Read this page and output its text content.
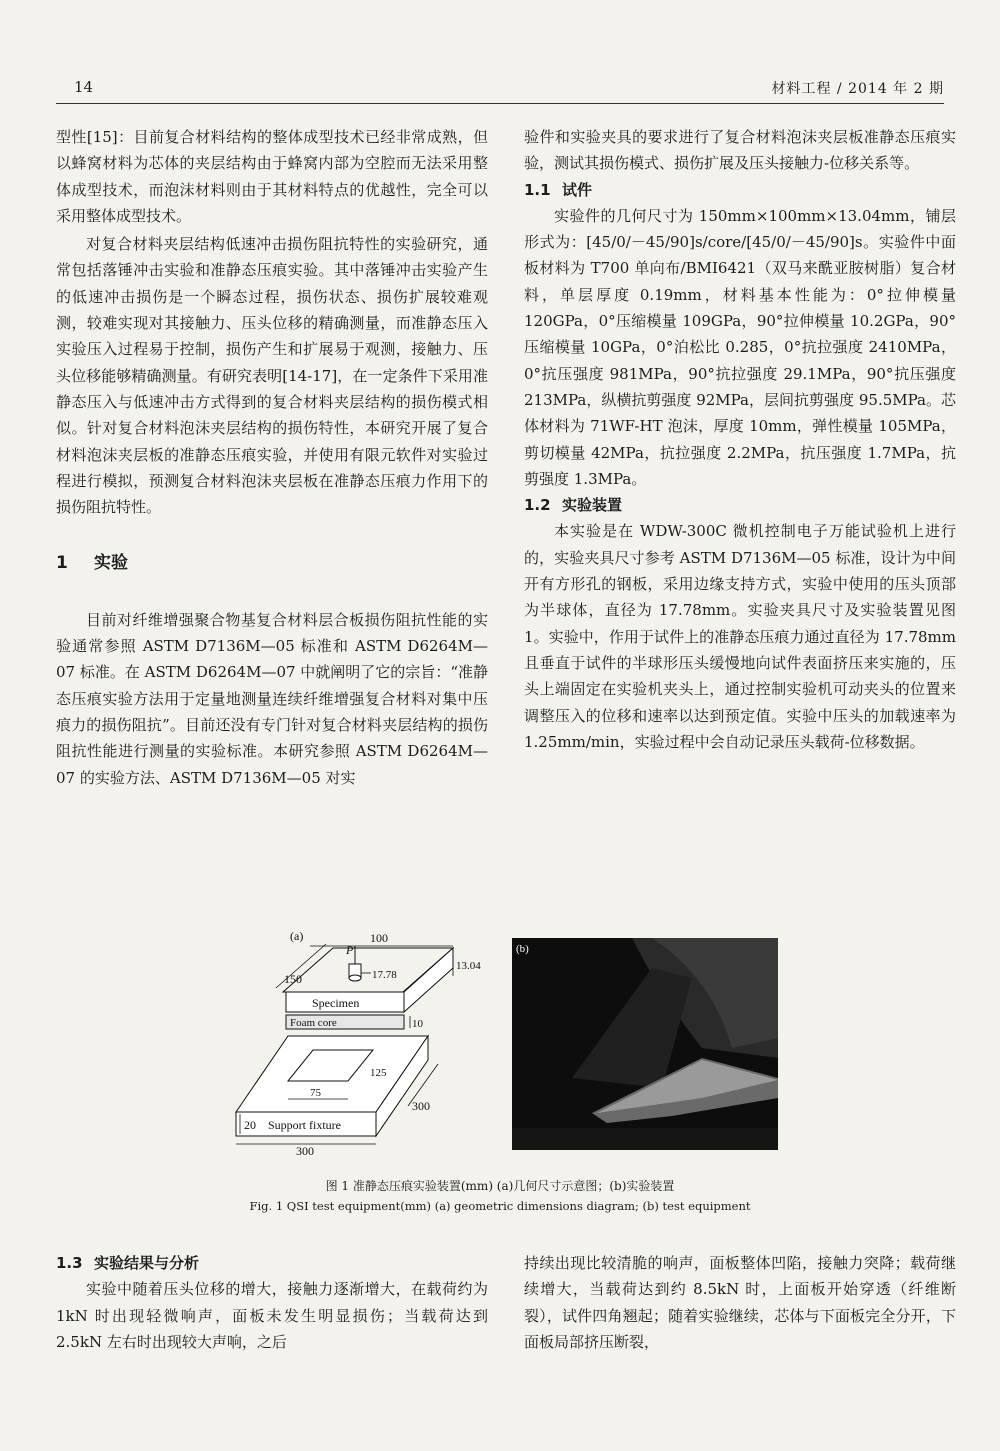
14	材料工程 / 2014 年 2 期

型性[15]：目前复合材料结构的整体成型技术已经非常成熟，但以蜂窝材料为芯体的夹层结构由于蜂窝内部为空腔而无法采用整体成型技术，而泡沫材料则由于其材料特点的优越性，完全可以采用整体成型技术。

对复合材料夹层结构低速冲击损伤阻抗特性的实验研究，通常包括落锤冲击实验和准静态压痕实验。其中落锤冲击实验产生的低速冲击损伤是一个瞬态过程，损伤状态、损伤扩展较难观测，较难实现对其接触力、压头位移的精确测量，而准静态压入实验压入过程易于控制，损伤产生和扩展易于观测，接触力、压头位移能够精确测量。有研究表明[14-17]，在一定条件下采用准静态压入与低速冲击方式得到的复合材料夹层结构的损伤模式相似。针对复合材料泡沫夹层结构的损伤特性，本研究开展了复合材料泡沫夹层板的准静态压痕实验，并使用有限元软件对实验过程进行模拟，预测复合材料泡沫夹层板在准静态压痕力作用下的损伤阻抗特性。

1 实验

目前对纤维增强聚合物基复合材料层合板损伤阻抗性能的实验通常参照 ASTM D7136M—05 标准和 ASTM D6264M—07 标准。在 ASTM D6264M—07 中就阐明了它的宗旨：“准静态压痕实验方法用于定量地测量连续纤维增强复合材料对集中压痕力的损伤阻抗”。目前还没有专门针对复合材料夹层结构的损伤阻抗性能进行测量的实验标准。本研究参照 ASTM D6264M—07 的实验方法、ASTM D7136M—05 对实

验件和实验夹具的要求进行了复合材料泡沫夹层板准静态压痕实验，测试其损伤模式、损伤扩展及压头接触力-位移关系等。

1.1 试件

实验件的几何尺寸为 150mm×100mm×13.04mm，铺层形式为：[45/0/－45/90]s/core/[45/0/－45/90]s。实验件中面板材料为 T700 单向布/BMI6421（双马来酰亚胺树脂）复合材料，单层厚度 0.19mm，材料基本性能为：0°拉伸模量 120GPa，0°压缩模量 109GPa，90°拉伸模量 10.2GPa，90°压缩模量 10GPa，0°泊松比 0.285，0°抗拉强度 2410MPa，0°抗压强度 981MPa，90°抗拉强度 29.1MPa，90°抗压强度 213MPa，纵横抗剪强度 92MPa，层间抗剪强度 95.5MPa。芯体材料为 71WF-HT 泡沫，厚度 10mm，弹性模量 105MPa，剪切模量 42MPa，抗拉强度 2.2MPa，抗压强度 1.7MPa，抗剪强度 1.3MPa。

1.2 实验装置

本实验是在 WDW-300C 微机控制电子万能试验机上进行的，实验夹具尺寸参考 ASTM D7136M—05 标准，设计为中间开有方形孔的钢板，采用边缘支持方式，实验中使用的压头顶部为半球体，直径为 17.78mm。实验夹具尺寸及实验装置见图 1。实验中，作用于试件上的准静态压痕力通过直径为 17.78mm 且垂直于试件的半球形压头缓慢地向试件表面挤压来实施的，压头上端固定在实验机夹头上，通过控制实验机可动夹头的位置来调整压入的位移和速率以达到预定值。实验中压头的加载速率为 1.25mm/min，实验过程中会自动记录压头载荷-位移数据。

(a)	100
P
17.78
13.04
150
Specimen
Foam core	10
125
75
20 Support fixture
300
300
(b)
图 1 准静态压痕实验装置(mm) (a)几何尺寸示意图；(b)实验装置
Fig. 1 QSI test equipment(mm) (a) geometric dimensions diagram; (b) test equipment
1.3 实验结果与分析

实验中随着压头位移的增大，接触力逐渐增大，在载荷约为 1kN 时出现轻微响声，面板未发生明显损伤；当载荷达到 2.5kN 左右时出现较大声响，之后

持续出现比较清脆的响声，面板整体凹陷，接触力突降；载荷继续增大，当载荷达到约 8.5kN 时，上面板开始穿透（纤维断裂），试件四角翘起；随着实验继续，芯体与下面板完全分开，下面板局部挤压断裂，
